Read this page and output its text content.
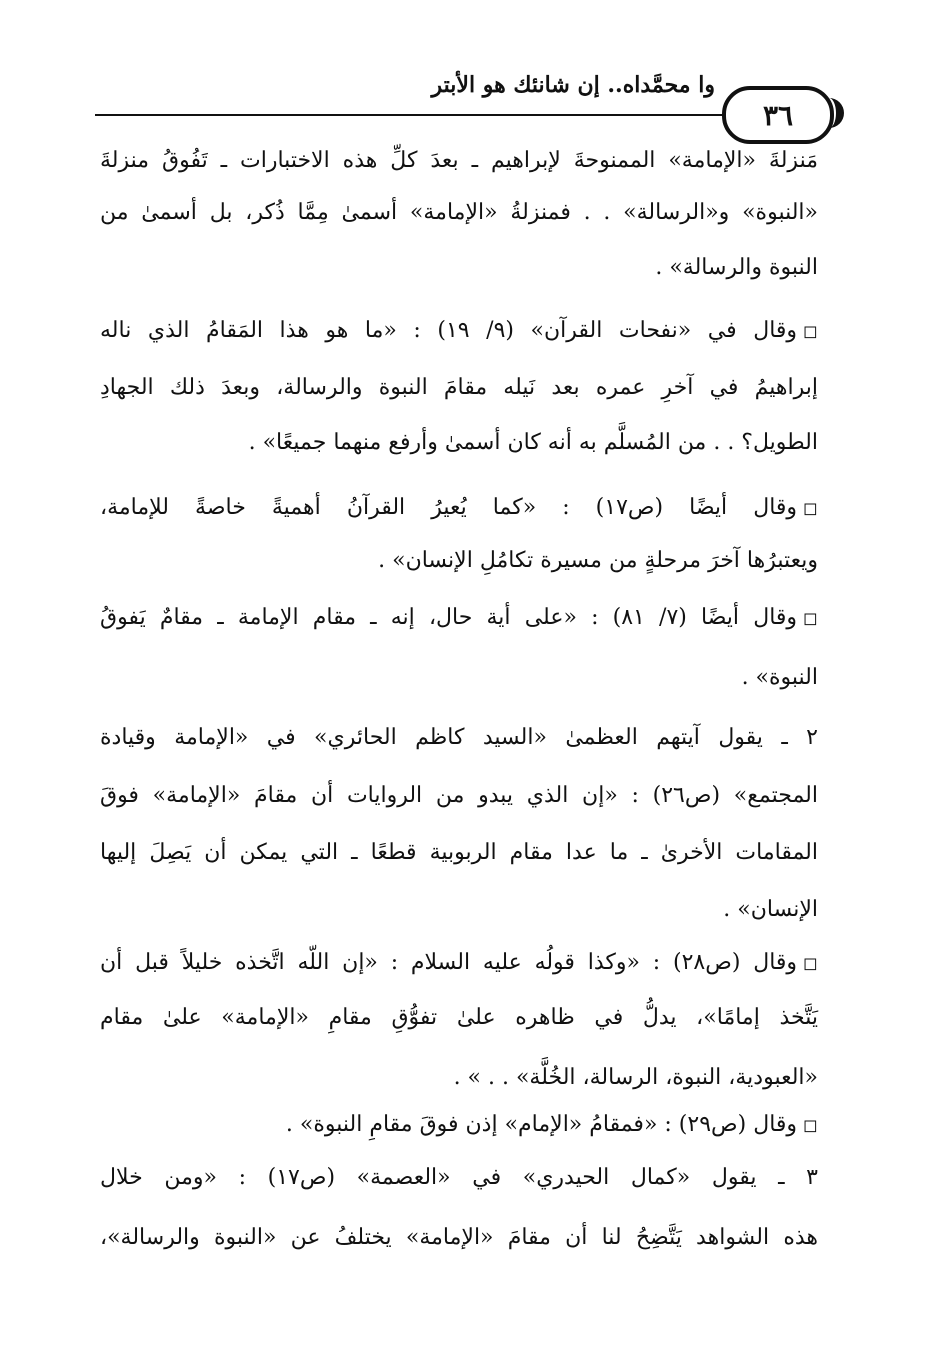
وا محمَّداه.. إن شانئك هو الأبتر
٣٦
مَنزلةَ «الإمامة» الممنوحةَ لإبراهيم ـ بعدَ كلِّ هذه الاختبارات ـ تَفُوقُ منزلةَ
«النبوة» و«الرسالة» . . فمنزلةُ «الإمامة» أسمىٰ مِمَّا ذُكر، بل أسمىٰ من
النبوة والرسالة» .
◻وقال في «نفحات القرآن» (٩/ ١٩) : «ما هو هذا المَقامُ الذي ناله
إبراهيمُ في آخرِ عمره بعد نَيله مقامَ النبوة والرسالة، وبعدَ ذلك الجهادِ
الطويل؟ . . من المُسلَّم به أنه كان أسمىٰ وأرفع منهما جميعًا» .
◻وقال أيضًا (ص١٧) : «كما يُعيرُ القرآنُ أهميةً خاصةً للإمامة،
ويعتبرُها آخرَ مرحلةٍ من مسيرة تكامُلِ الإنسان» .
◻وقال أيضًا (٧/ ٨١) : «على أية حال، إنه ـ مقام الإمامة ـ مقامٌ يَفوقُ
النبوة» .
٢ ـ يقول آيتهم العظمىٰ «السيد كاظم الحائري» في «الإمامة وقيادة
المجتمع» (ص٢٦) : «إن الذي يبدو من الروايات أن مقامَ «الإمامة» فوقَ
المقامات الأخرىٰ ـ ما عدا مقام الربوبية قطعًا ـ التي يمكن أن يَصِلَ إليها
الإنسان» .
◻وقال (ص٢٨) : «وكذا قولُه عليه السلام : «إن اللّه اتَّخذه خليلاً قبل أن
يَتَّخذ إمامًا»، يدلُّ في ظاهره علىٰ تفوُّقِ مقامِ «الإمامة» علىٰ مقام
«العبودية، النبوة، الرسالة، الخُلَّة» . . » .
◻وقال (ص٢٩) : «فمقامُ «الإمام» إذن فوقَ مقامِ النبوة» .
٣ ـ يقول «كمال الحيدري» في «العصمة» (ص١٧) : «ومن خلال
هذه الشواهد يَتَّضِحُ لنا أن مقامَ «الإمامة» يختلفُ عن «النبوة والرسالة»،
